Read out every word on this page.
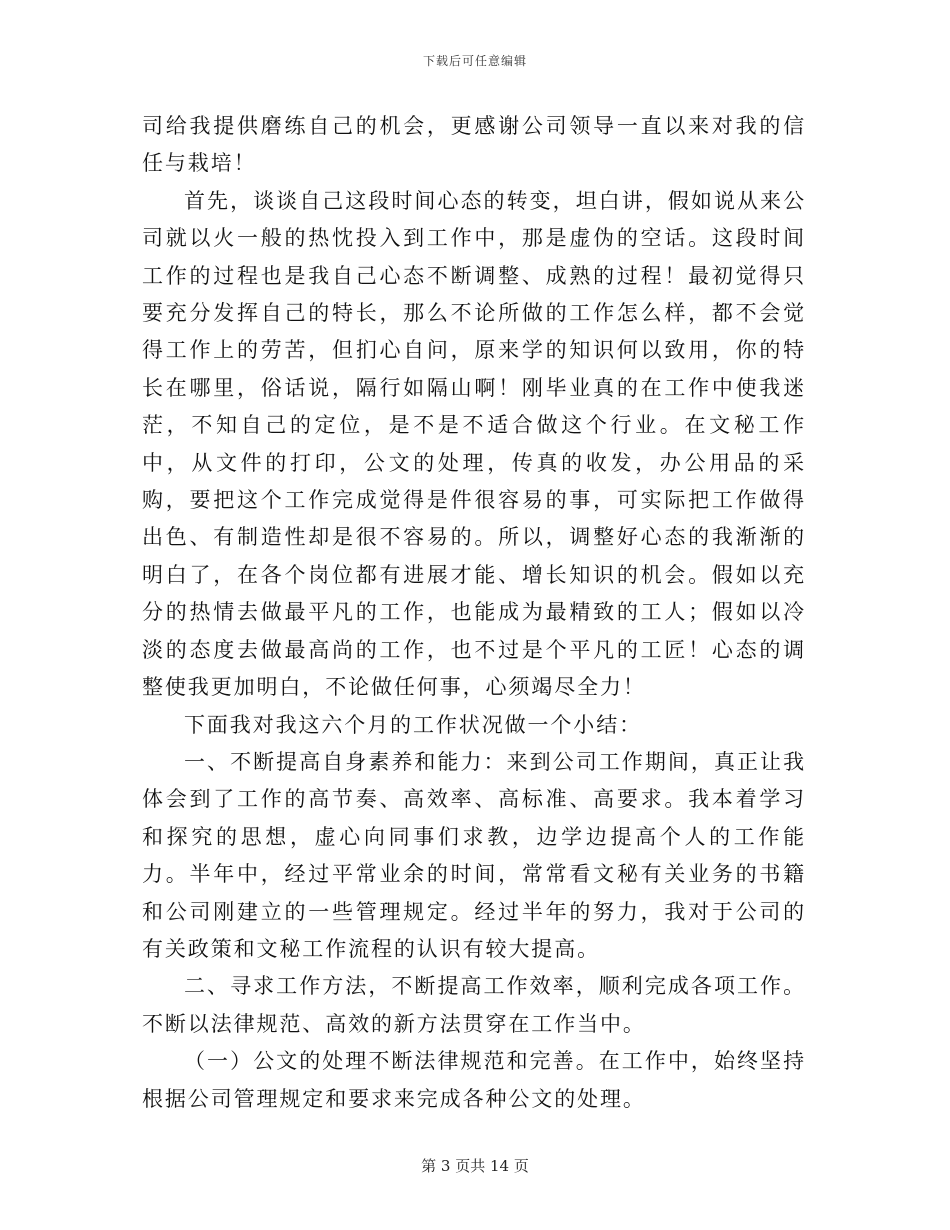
下载后可任意编辑

司给我提供磨练自己的机会，更感谢公司领导一直以来对我的信任与栽培！

首先，谈谈自己这段时间心态的转变，坦白讲，假如说从来公司就以火一般的热忱投入到工作中，那是虚伪的空话。这段时间工作的过程也是我自己心态不断调整、成熟的过程！最初觉得只要充分发挥自己的特长，那么不论所做的工作怎么样，都不会觉得工作上的劳苦，但扪心自问，原来学的知识何以致用，你的特长在哪里，俗话说，隔行如隔山啊！刚毕业真的在工作中使我迷茫，不知自己的定位，是不是不适合做这个行业。在文秘工作中，从文件的打印，公文的处理，传真的收发，办公用品的采购，要把这个工作完成觉得是件很容易的事，可实际把工作做得出色、有制造性却是很不容易的。所以，调整好心态的我渐渐的明白了，在各个岗位都有进展才能、增长知识的机会。假如以充分的热情去做最平凡的工作，也能成为最精致的工人；假如以冷淡的态度去做最高尚的工作，也不过是个平凡的工匠！心态的调整使我更加明白，不论做任何事，心须竭尽全力！

下面我对我这六个月的工作状况做一个小结：

一、不断提高自身素养和能力：来到公司工作期间，真正让我体会到了工作的高节奏、高效率、高标准、高要求。我本着学习和探究的思想，虚心向同事们求教，边学边提高个人的工作能力。半年中，经过平常业余的时间，常常看文秘有关业务的书籍和公司刚建立的一些管理规定。经过半年的努力，我对于公司的有关政策和文秘工作流程的认识有较大提高。

二、寻求工作方法，不断提高工作效率，顺利完成各项工作。不断以法律规范、高效的新方法贯穿在工作当中。

（一）公文的处理不断法律规范和完善。在工作中，始终坚持根据公司管理规定和要求来完成各种公文的处理。

第 3 页共 14 页
